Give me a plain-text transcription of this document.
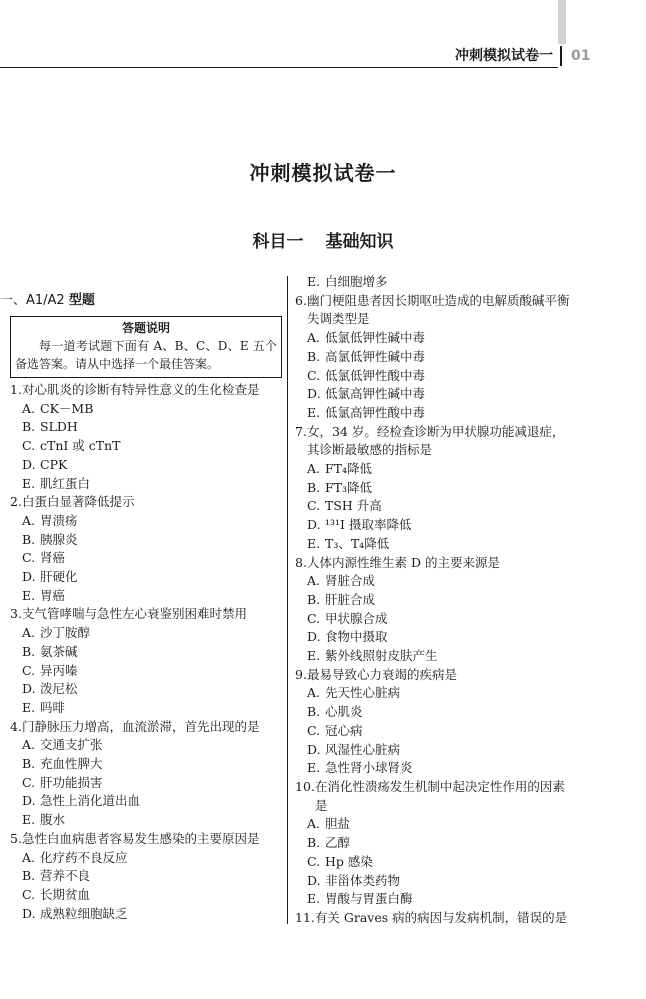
冲刺模拟试卷一 01
冲刺模拟试卷一
科目一 基础知识
一、A1/A2 型题
答题说明
每一道考试题下面有 A、B、C、D、E 五个备选答案。请从中选择一个最佳答案。
1. 对心肌炎的诊断有特异性意义的生化检查是
A. CK－MB
B. SLDH
C. cTnI 或 cTnT
D. CPK
E. 肌红蛋白
2. 白蛋白显著降低提示
A. 胃溃疡
B. 胰腺炎
C. 肾癌
D. 肝硬化
E. 胃癌
3. 支气管哮喘与急性左心衰鉴别困难时禁用
A. 沙丁胺醇
B. 氨茶碱
C. 异丙嗪
D. 泼尼松
E. 吗啡
4. 门静脉压力增高，血流淤滞，首先出现的是
A. 交通支扩张
B. 充血性脾大
C. 肝功能损害
D. 急性上消化道出血
E. 腹水
5. 急性白血病患者容易发生感染的主要原因是
A. 化疗药不良反应
B. 营养不良
C. 长期贫血
D. 成熟粒细胞缺乏
E. 白细胞增多
6. 幽门梗阻患者因长期呕吐造成的电解质酸碱平衡失调类型是
A. 低氯低钾性碱中毒
B. 高氯低钾性碱中毒
C. 低氯低钾性酸中毒
D. 低氯高钾性碱中毒
E. 低氯高钾性酸中毒
7. 女，34 岁。经检查诊断为甲状腺功能减退症，其诊断最敏感的指标是
A. FT₄降低
B. FT₃降低
C. TSH 升高
D. ¹³¹I 摄取率降低
E. T₃、T₄降低
8. 人体内源性维生素 D 的主要来源是
A. 肾脏合成
B. 肝脏合成
C. 甲状腺合成
D. 食物中摄取
E. 紫外线照射皮肤产生
9. 最易导致心力衰竭的疾病是
A. 先天性心脏病
B. 心肌炎
C. 冠心病
D. 风湿性心脏病
E. 急性肾小球肾炎
10. 在消化性溃疡发生机制中起决定性作用的因素是
A. 胆盐
B. 乙醇
C. Hp 感染
D. 非甾体类药物
E. 胃酸与胃蛋白酶
11. 有关 Graves 病的病因与发病机制，错误的是
